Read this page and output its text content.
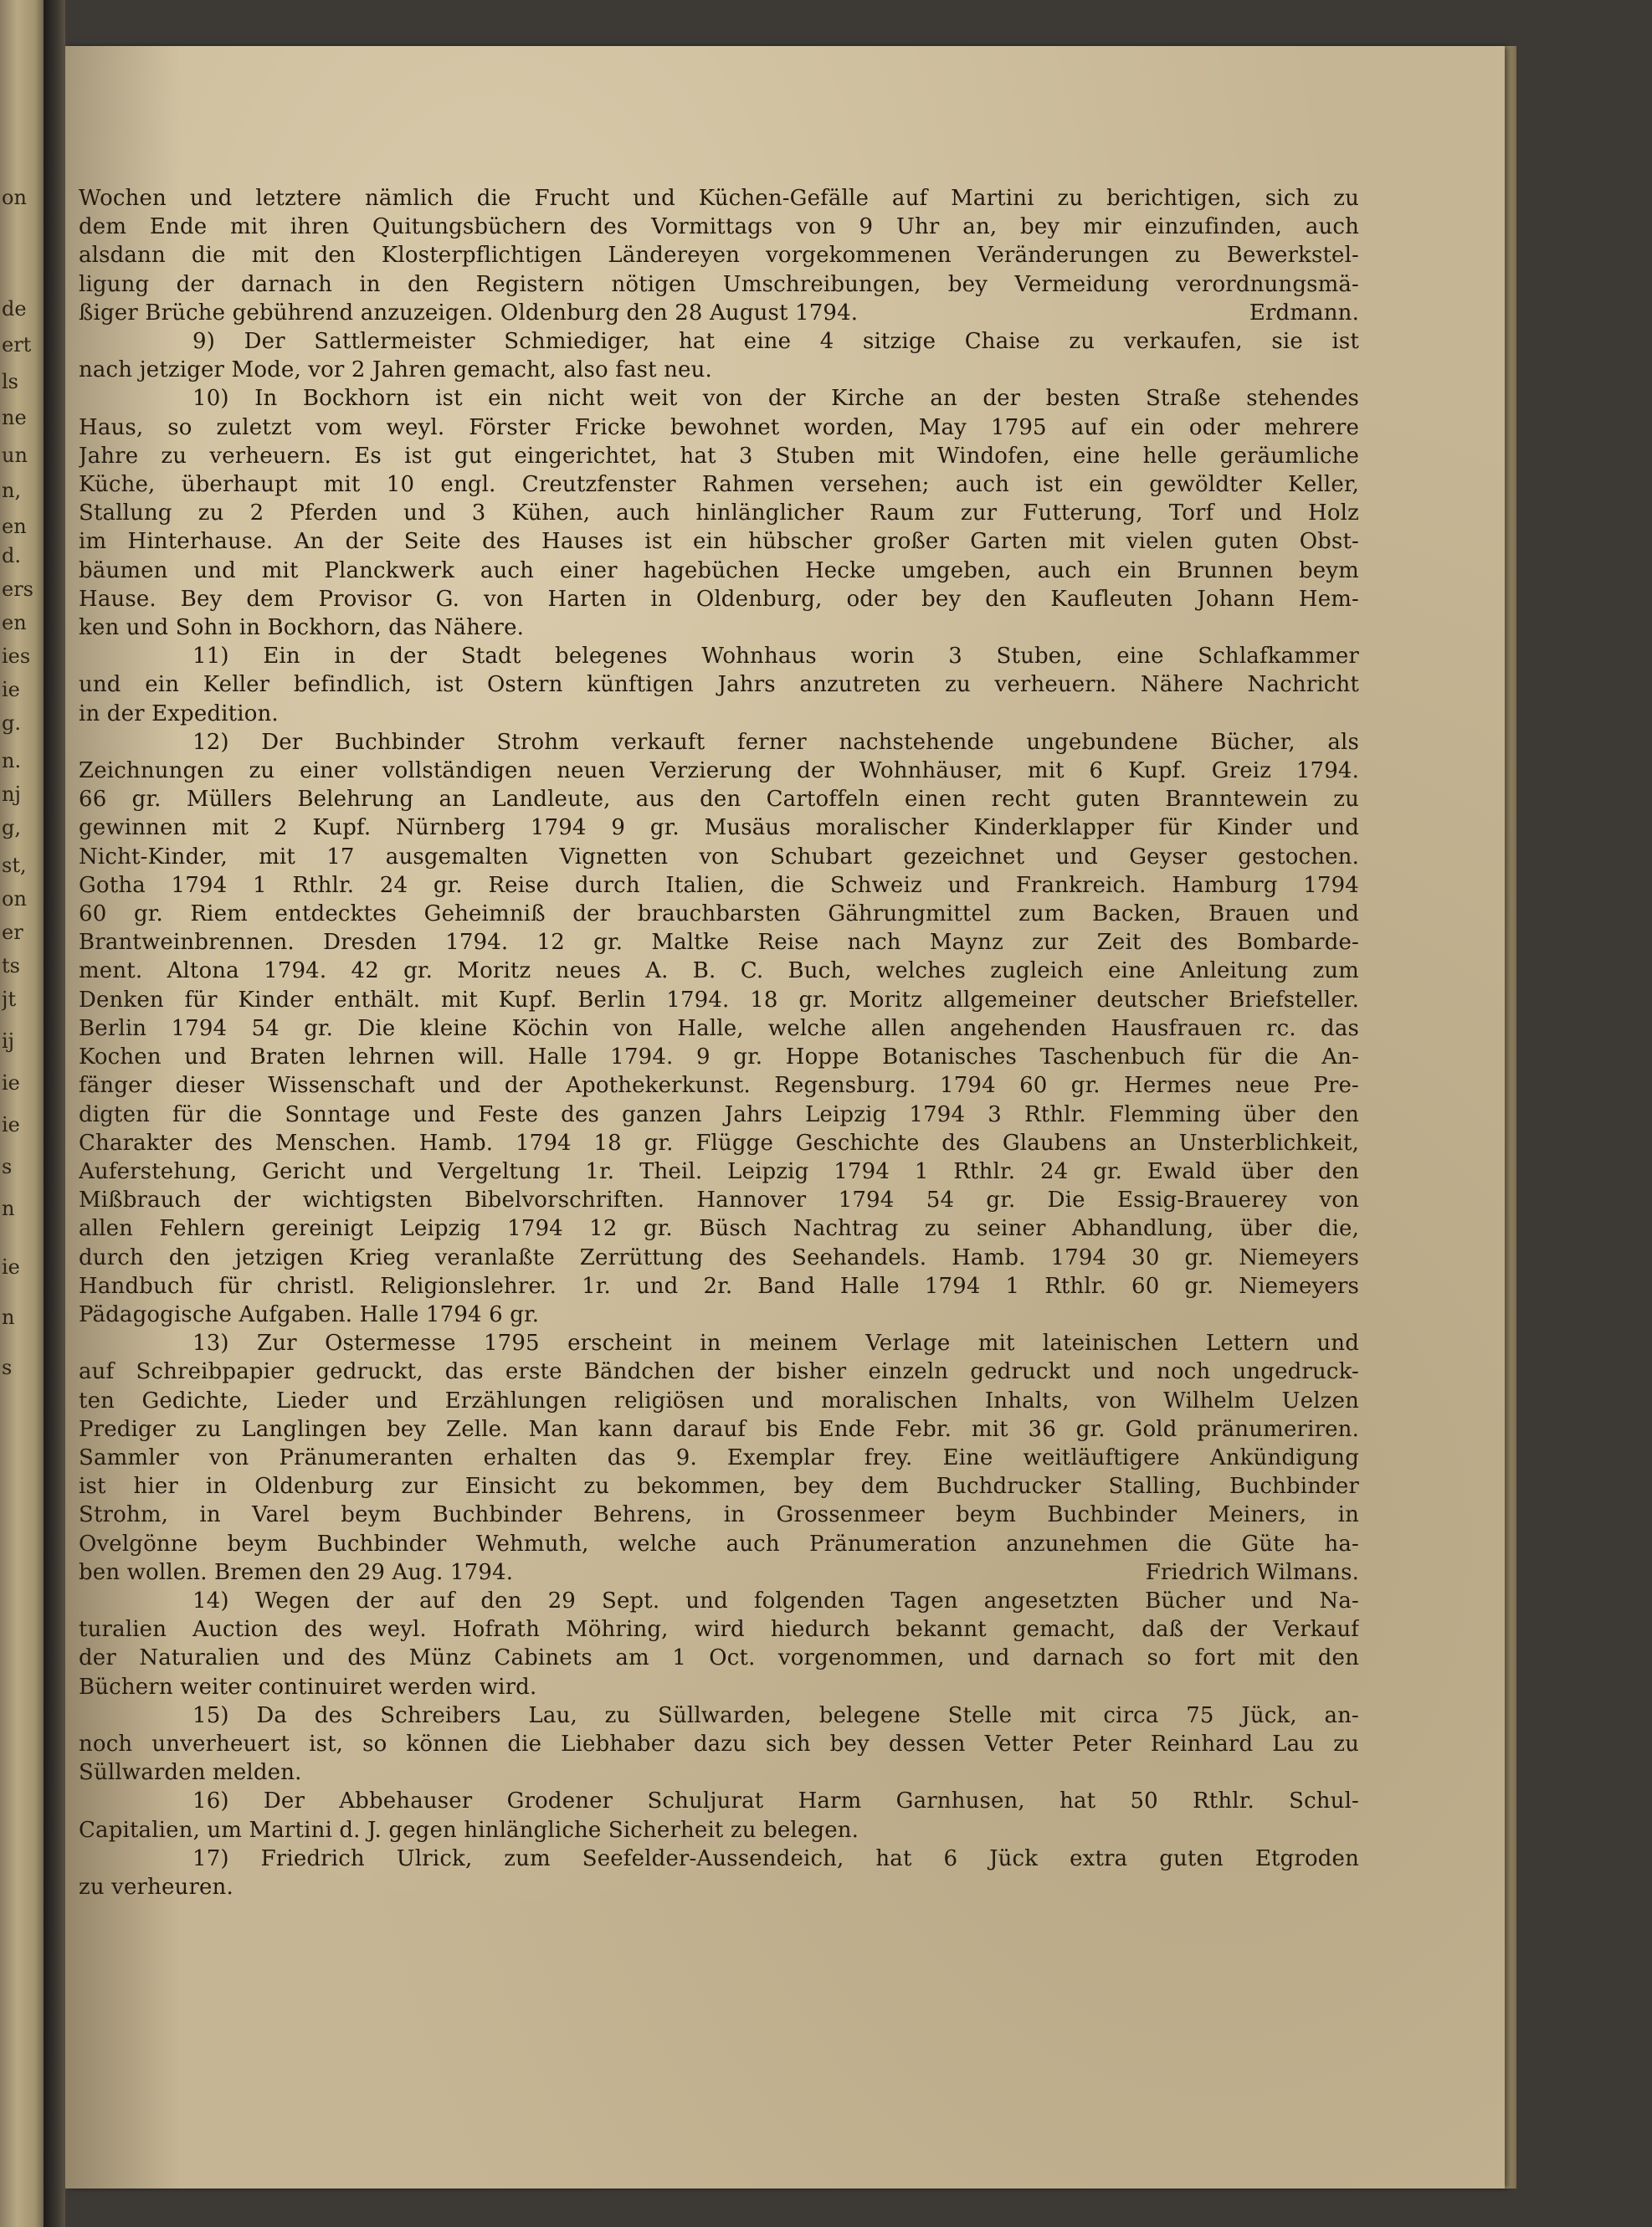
on
de
ert
ls
ne
un
n,
en
d.
ers
en
ies
ie
g.
n.
nj
g,
st,
on
er
ts
jt
ij
ie
ie
s
n
ie
n
s
Wochen und letztere nämlich die Frucht und Küchen-Gefälle auf Martini zu berichtigen, sich zu
dem Ende mit ihren Quitungsbüchern des Vormittags von 9 Uhr an, bey mir einzufinden, auch
alsdann die mit den Klosterpflichtigen Ländereyen vorgekommenen Veränderungen zu Bewerkstel-
ligung der darnach in den Registern nötigen Umschreibungen, bey Vermeidung verordnungsmä-
ßiger Brüche gebührend anzuzeigen. Oldenburg den 28 August 1794.	Erdmann.
9) Der Sattlermeister Schmiediger, hat eine 4 sitzige Chaise zu verkaufen, sie ist
nach jetziger Mode, vor 2 Jahren gemacht, also fast neu.
10) In Bockhorn ist ein nicht weit von der Kirche an der besten Straße stehendes
Haus, so zuletzt vom weyl. Förster Fricke bewohnet worden, May 1795 auf ein oder mehrere
Jahre zu verheuern. Es ist gut eingerichtet, hat 3 Stuben mit Windofen, eine helle geräumliche
Küche, überhaupt mit 10 engl. Creutzfenster Rahmen versehen; auch ist ein gewöldter Keller,
Stallung zu 2 Pferden und 3 Kühen, auch hinlänglicher Raum zur Futterung, Torf und Holz
im Hinterhause. An der Seite des Hauses ist ein hübscher großer Garten mit vielen guten Obst-
bäumen und mit Planckwerk auch einer hagebüchen Hecke umgeben, auch ein Brunnen beym
Hause. Bey dem Provisor G. von Harten in Oldenburg, oder bey den Kaufleuten Johann Hem-
ken und Sohn in Bockhorn, das Nähere.
11) Ein in der Stadt belegenes Wohnhaus worin 3 Stuben, eine Schlafkammer
und ein Keller befindlich, ist Ostern künftigen Jahrs anzutreten zu verheuern. Nähere Nachricht
in der Expedition.
12) Der Buchbinder Strohm verkauft ferner nachstehende ungebundene Bücher, als
Zeichnungen zu einer vollständigen neuen Verzierung der Wohnhäuser, mit 6 Kupf. Greiz 1794.
66 gr. Müllers Belehrung an Landleute, aus den Cartoffeln einen recht guten Branntewein zu
gewinnen mit 2 Kupf. Nürnberg 1794 9 gr. Musäus moralischer Kinderklapper für Kinder und
Nicht-Kinder, mit 17 ausgemalten Vignetten von Schubart gezeichnet und Geyser gestochen.
Gotha 1794 1 Rthlr. 24 gr. Reise durch Italien, die Schweiz und Frankreich. Hamburg 1794
60 gr. Riem entdecktes Geheimniß der brauchbarsten Gährungmittel zum Backen, Brauen und
Brantweinbrennen. Dresden 1794. 12 gr. Maltke Reise nach Maynz zur Zeit des Bombarde-
ment. Altona 1794. 42 gr. Moritz neues A. B. C. Buch, welches zugleich eine Anleitung zum
Denken für Kinder enthält. mit Kupf. Berlin 1794. 18 gr. Moritz allgemeiner deutscher Briefsteller.
Berlin 1794 54 gr. Die kleine Köchin von Halle, welche allen angehenden Hausfrauen rc. das
Kochen und Braten lehrnen will. Halle 1794. 9 gr. Hoppe Botanisches Taschenbuch für die An-
fänger dieser Wissenschaft und der Apothekerkunst. Regensburg. 1794 60 gr. Hermes neue Pre-
digten für die Sonntage und Feste des ganzen Jahrs Leipzig 1794 3 Rthlr. Flemming über den
Charakter des Menschen. Hamb. 1794 18 gr. Flügge Geschichte des Glaubens an Unsterblichkeit,
Auferstehung, Gericht und Vergeltung 1r. Theil. Leipzig 1794 1 Rthlr. 24 gr. Ewald über den
Mißbrauch der wichtigsten Bibelvorschriften. Hannover 1794 54 gr. Die Essig-Brauerey von
allen Fehlern gereinigt Leipzig 1794 12 gr. Büsch Nachtrag zu seiner Abhandlung, über die,
durch den jetzigen Krieg veranlaßte Zerrüttung des Seehandels. Hamb. 1794 30 gr. Niemeyers
Handbuch für christl. Religionslehrer. 1r. und 2r. Band Halle 1794 1 Rthlr. 60 gr. Niemeyers
Pädagogische Aufgaben. Halle 1794 6 gr.
13) Zur Ostermesse 1795 erscheint in meinem Verlage mit lateinischen Lettern und
auf Schreibpapier gedruckt, das erste Bändchen der bisher einzeln gedruckt und noch ungedruck-
ten Gedichte, Lieder und Erzählungen religiösen und moralischen Inhalts, von Wilhelm Uelzen
Prediger zu Langlingen bey Zelle. Man kann darauf bis Ende Febr. mit 36 gr. Gold pränumeriren.
Sammler von Pränumeranten erhalten das 9. Exemplar frey. Eine weitläuftigere Ankündigung
ist hier in Oldenburg zur Einsicht zu bekommen, bey dem Buchdrucker Stalling, Buchbinder
Strohm, in Varel beym Buchbinder Behrens, in Grossenmeer beym Buchbinder Meiners, in
Ovelgönne beym Buchbinder Wehmuth, welche auch Pränumeration anzunehmen die Güte ha-
ben wollen. Bremen den 29 Aug. 1794.	Friedrich Wilmans.
14) Wegen der auf den 29 Sept. und folgenden Tagen angesetzten Bücher und Na-
turalien Auction des weyl. Hofrath Möhring, wird hiedurch bekannt gemacht, daß der Verkauf
der Naturalien und des Münz Cabinets am 1 Oct. vorgenommen, und darnach so fort mit den
Büchern weiter continuiret werden wird.
15) Da des Schreibers Lau, zu Süllwarden, belegene Stelle mit circa 75 Jück, an-
noch unverheuert ist, so können die Liebhaber dazu sich bey dessen Vetter Peter Reinhard Lau zu
Süllwarden melden.
16) Der Abbehauser Grodener Schuljurat Harm Garnhusen, hat 50 Rthlr. Schul-
Capitalien, um Martini d. J. gegen hinlängliche Sicherheit zu belegen.
17) Friedrich Ulrick, zum Seefelder-Aussendeich, hat 6 Jück extra guten Etgroden
zu verheuren.
